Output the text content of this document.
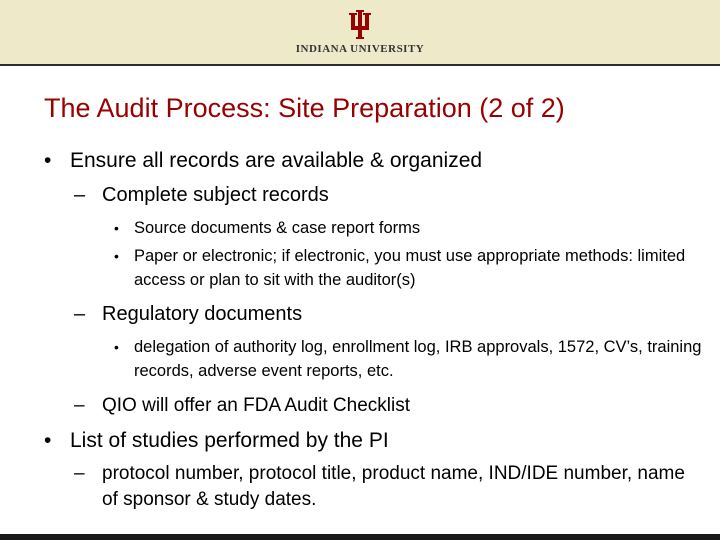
INDIANA UNIVERSITY
The Audit Process: Site Preparation (2 of 2)
• Ensure all records are available & organized
– Complete subject records
• Source documents & case report forms
• Paper or electronic; if electronic, you must use appropriate methods: limited access or plan to sit with the auditor(s)
– Regulatory documents
• delegation of authority log, enrollment log, IRB approvals, 1572, CV’s, training records, adverse event reports, etc.
– QIO will offer an FDA Audit Checklist
• List of studies performed by the PI
– protocol number, protocol title, product name, IND/IDE number, name of sponsor & study dates.
